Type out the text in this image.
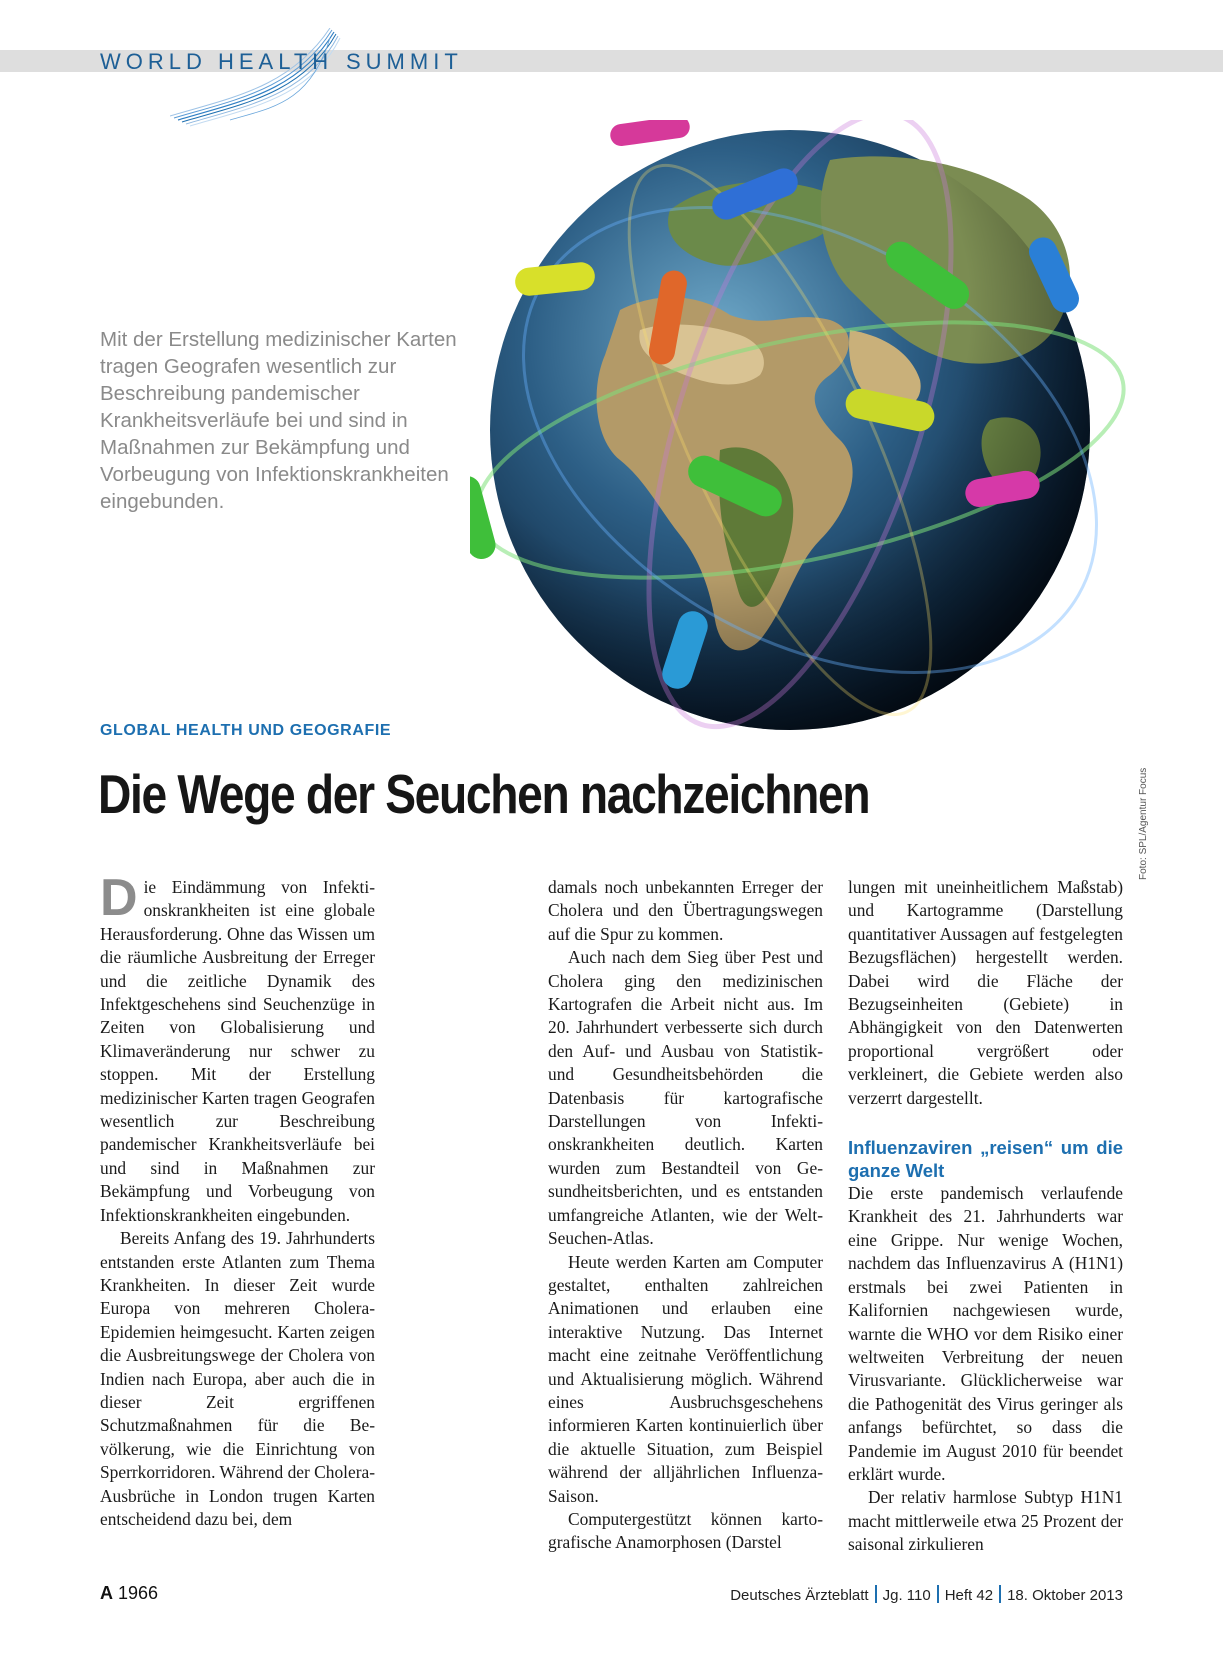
WORLD HEALTH SUMMIT
Mit der Erstellung medizinischer Karten tragen Geografen wesentlich zur Beschreibung pandemischer Krankheitsverläufe bei und sind in Maßnahmen zur Bekämpfung und Vorbeugung von Infektionskrankheiten eingebunden.
GLOBAL HEALTH UND GEOGRAFIE
Die Wege der Seuchen nachzeichnen	Foto: SPL/Agentur Focus
D ie Eindämmung von Infektionskrankheiten ist eine globale Herausforderung. Ohne das Wissen um die räumliche Ausbreitung der Erreger und die zeitliche Dynamik des Infektgeschehens sind Seuchenzüge in Zeiten von Globalisierung und Klimaveränderung nur schwer zu stoppen. Mit der Erstellung medizinischer Karten tragen Geografen wesentlich zur Beschreibung pandemischer Krankheitsverläufe bei und sind in Maßnahmen zur Bekämpfung und Vorbeugung von Infektionskrankheiten eingebunden.

Bereits Anfang des 19. Jahrhunderts entstanden erste Atlanten zum Thema Krankheiten. In dieser Zeit wurde Europa von mehreren Cholera-Epidemien heimgesucht. Karten zeigen die Ausbreitungswege der Cholera von Indien nach Europa, aber auch die in dieser Zeit ergriffenen Schutzmaßnahmen für die Bevölkerung, wie die Einrichtung von Sperrkorridoren. Während der Cholera-Ausbrüche in London trugen Karten entscheidend dazu bei, dem

damals noch unbekannten Erreger der Cholera und den Übertragungswegen auf die Spur zu kommen.

Auch nach dem Sieg über Pest und Cholera ging den medizinischen Kartografen die Arbeit nicht aus. Im 20. Jahrhundert verbesserte sich durch den Auf- und Ausbau von Statistik- und Gesundheitsbehörden die Datenbasis für kartografische Darstellungen von Infektionskrankheiten deutlich. Karten wurden zum Bestandteil von Gesundheitsberichten, und es entstanden umfangreiche Atlanten, wie der Welt-Seuchen-Atlas.

Heute werden Karten am Computer gestaltet, enthalten zahlreichen Animationen und erlauben eine interaktive Nutzung. Das Internet macht eine zeitnahe Veröffentlichung und Aktualisierung möglich. Während eines Ausbruchsgeschehens informieren Karten kontinuierlich über die aktuelle Situation, zum Beispiel während der alljährlichen Influenza-Saison.

Computergestützt können kartografische Anamorphosen (Darstel

lungen mit uneinheitlichem Maßstab) und Kartogramme (Darstellung quantitativer Aussagen auf festgelegten Bezugsflächen) hergestellt werden. Dabei wird die Fläche der Bezugseinheiten (Gebiete) in Abhängigkeit von den Datenwerten proportional vergrößert oder verkleinert, die Gebiete werden also verzerrt dargestellt.

Influenzaviren „reisen“ um die ganze Welt

Die erste pandemisch verlaufende Krankheit des 21. Jahrhunderts war eine Grippe. Nur wenige Wochen, nachdem das Influenzavirus A (H1N1) erstmals bei zwei Patienten in Kalifornien nachgewiesen wurde, warnte die WHO vor dem Risiko einer weltweiten Verbreitung der neuen Virusvariante. Glücklicherweise war die Pathogenität des Virus geringer als anfangs befürchtet, so dass die Pandemie im August 2010 für beendet erklärt wurde.

Der relativ harmlose Subtyp H1N1 macht mittlerweile etwa 25 Prozent der saisonal zirkulieren

A 1966	Deutsches Ärzteblatt Jg. 110 Heft 42 18. Oktober 2013
